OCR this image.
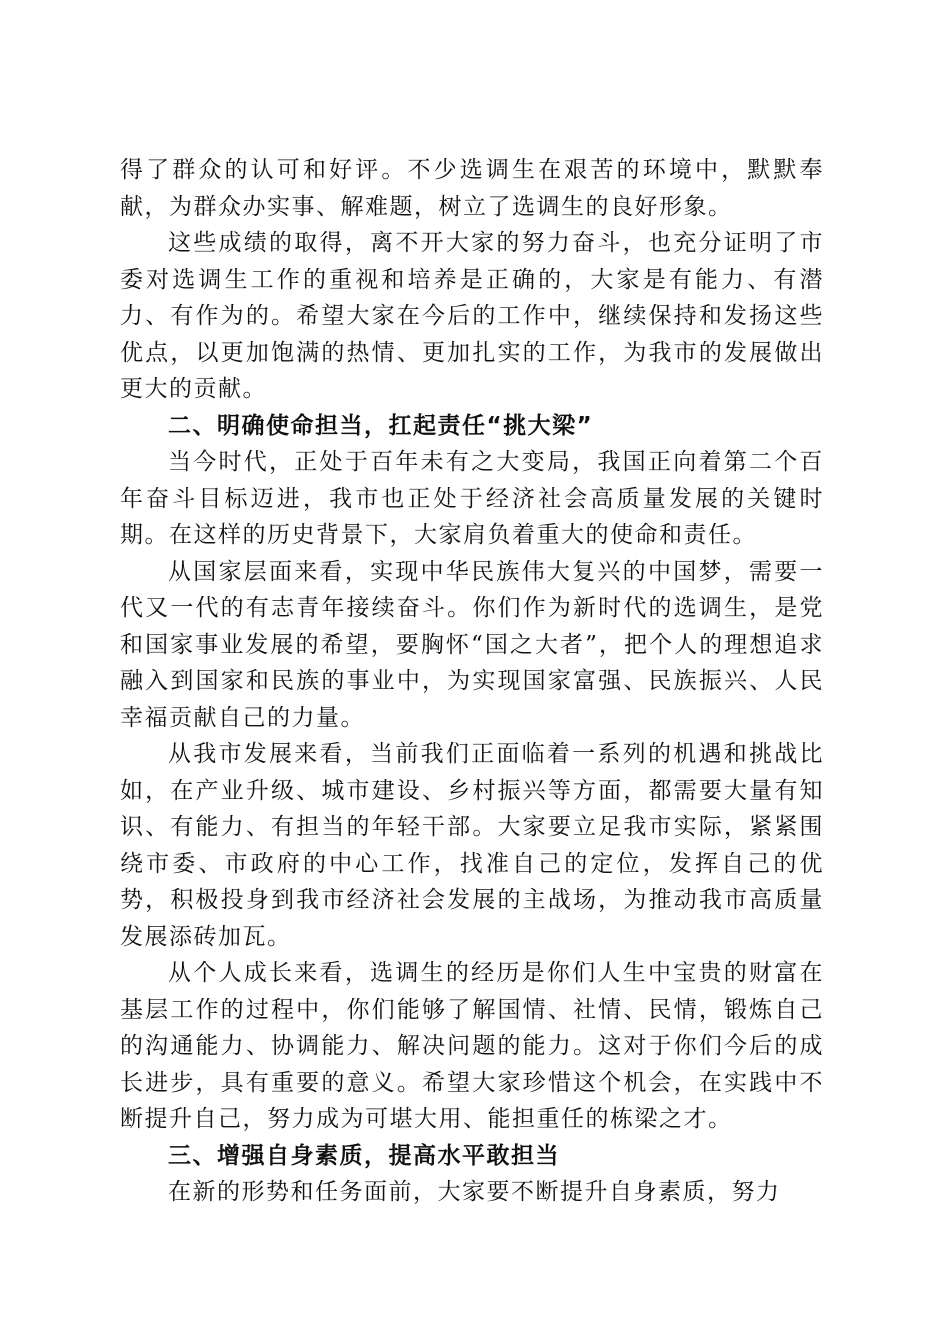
得了群众的认可和好评。不少选调生在艰苦的环境中，默默奉献，为群众办实事、解难题，树立了选调生的良好形象。

这些成绩的取得，离不开大家的努力奋斗，也充分证明了市委对选调生工作的重视和培养是正确的，大家是有能力、有潜力、有作为的。希望大家在今后的工作中，继续保持和发扬这些优点，以更加饱满的热情、更加扎实的工作，为我市的发展做出更大的贡献。

二、明确使命担当，扛起责任“挑大梁”

当今时代，正处于百年未有之大变局，我国正向着第二个百年奋斗目标迈进，我市也正处于经济社会高质量发展的关键时期。在这样的历史背景下，大家肩负着重大的使命和责任。

从国家层面来看，实现中华民族伟大复兴的中国梦，需要一代又一代的有志青年接续奋斗。你们作为新时代的选调生，是党和国家事业发展的希望，要胸怀“国之大者”，把个人的理想追求融入到国家和民族的事业中，为实现国家富强、民族振兴、人民幸福贡献自己的力量。

从我市发展来看，当前我们正面临着一系列的机遇和挑战比如，在产业升级、城市建设、乡村振兴等方面，都需要大量有知识、有能力、有担当的年轻干部。大家要立足我市实际，紧紧围绕市委、市政府的中心工作，找准自己的定位，发挥自己的优势，积极投身到我市经济社会发展的主战场，为推动我市高质量发展添砖加瓦。

从个人成长来看，选调生的经历是你们人生中宝贵的财富在基层工作的过程中，你们能够了解国情、社情、民情，锻炼自己的沟通能力、协调能力、解决问题的能力。这对于你们今后的成长进步，具有重要的意义。希望大家珍惜这个机会，在实践中不断提升自己，努力成为可堪大用、能担重任的栋梁之才。

三、增强自身素质，提高水平敢担当

在新的形势和任务面前，大家要不断提升自身素质，努力
